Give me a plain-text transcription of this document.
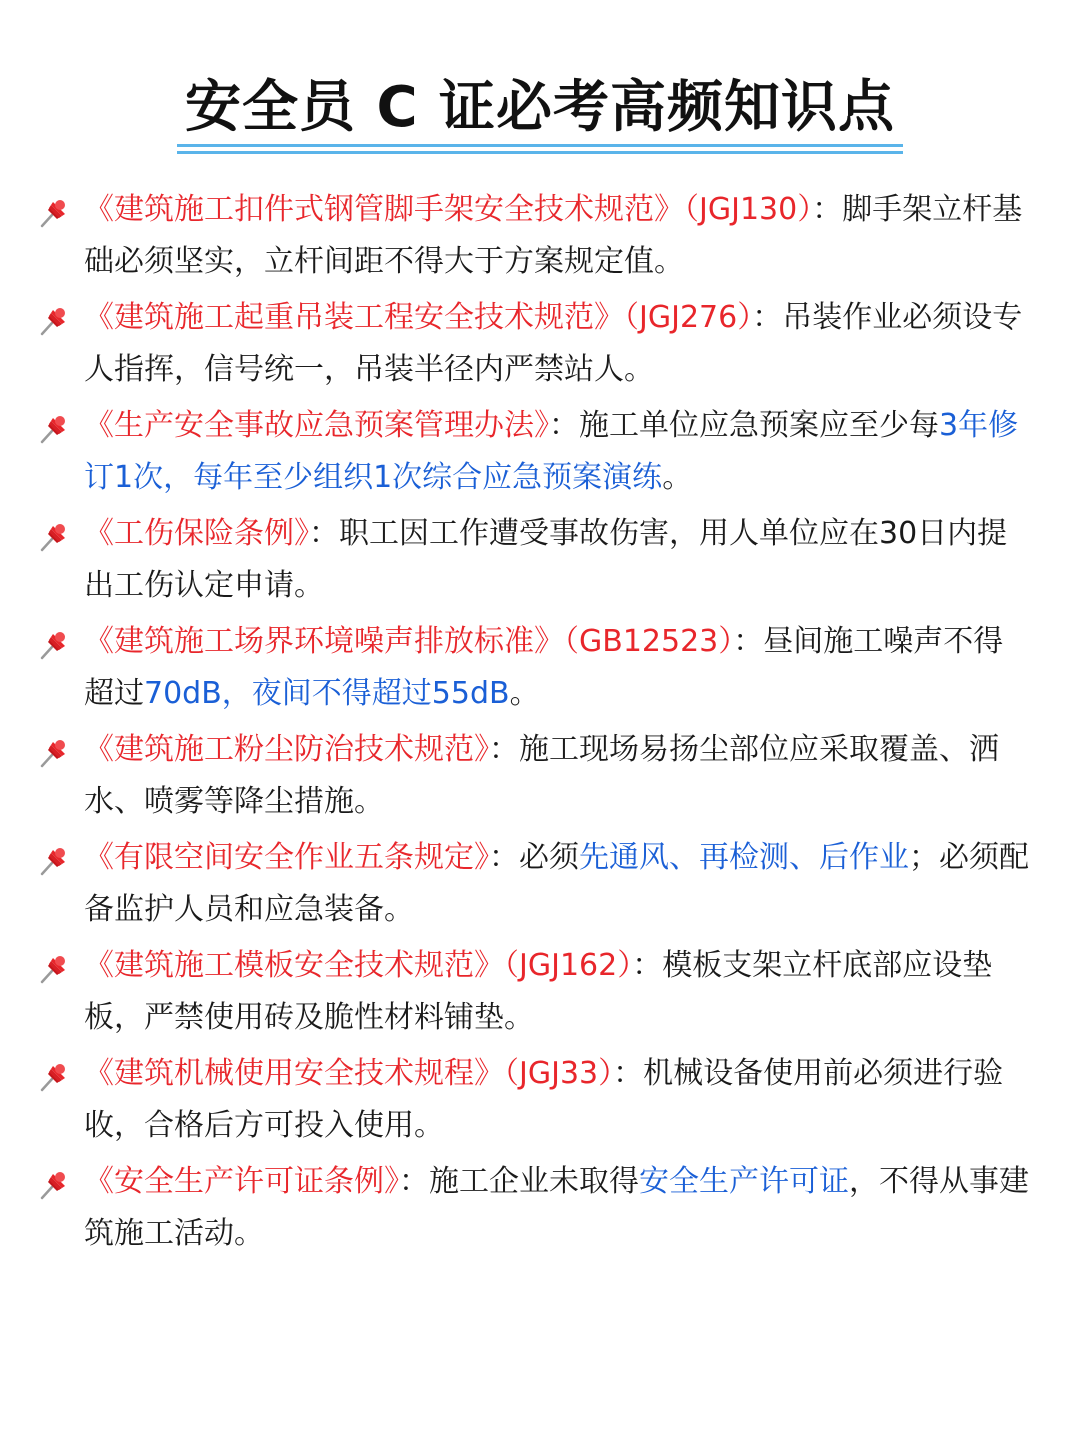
安全员 C 证必考高频知识点
《建筑施工扣件式钢管脚手架安全技术规范》（JGJ130）：脚手架立杆基础必须坚实，立杆间距不得大于方案规定值。
《建筑施工起重吊装工程安全技术规范》（JGJ276）：吊装作业必须设专人指挥，信号统一，吊装半径内严禁站人。
《生产安全事故应急预案管理办法》：施工单位应急预案应至少每3年修订1次，每年至少组织1次综合应急预案演练。
《工伤保险条例》：职工因工作遭受事故伤害，用人单位应在30日内提出工伤认定申请。
《建筑施工场界环境噪声排放标准》（GB12523）：昼间施工噪声不得超过70dB，夜间不得超过55dB。
《建筑施工粉尘防治技术规范》：施工现场易扬尘部位应采取覆盖、洒水、喷雾等降尘措施。
《有限空间安全作业五条规定》：必须先通风、再检测、后作业；必须配备监护人员和应急装备。
《建筑施工模板安全技术规范》（JGJ162）：模板支架立杆底部应设垫板，严禁使用砖及脆性材料铺垫。
《建筑机械使用安全技术规程》（JGJ33）：机械设备使用前必须进行验收，合格后方可投入使用。
《安全生产许可证条例》：施工企业未取得安全生产许可证，不得从事建筑施工活动。
